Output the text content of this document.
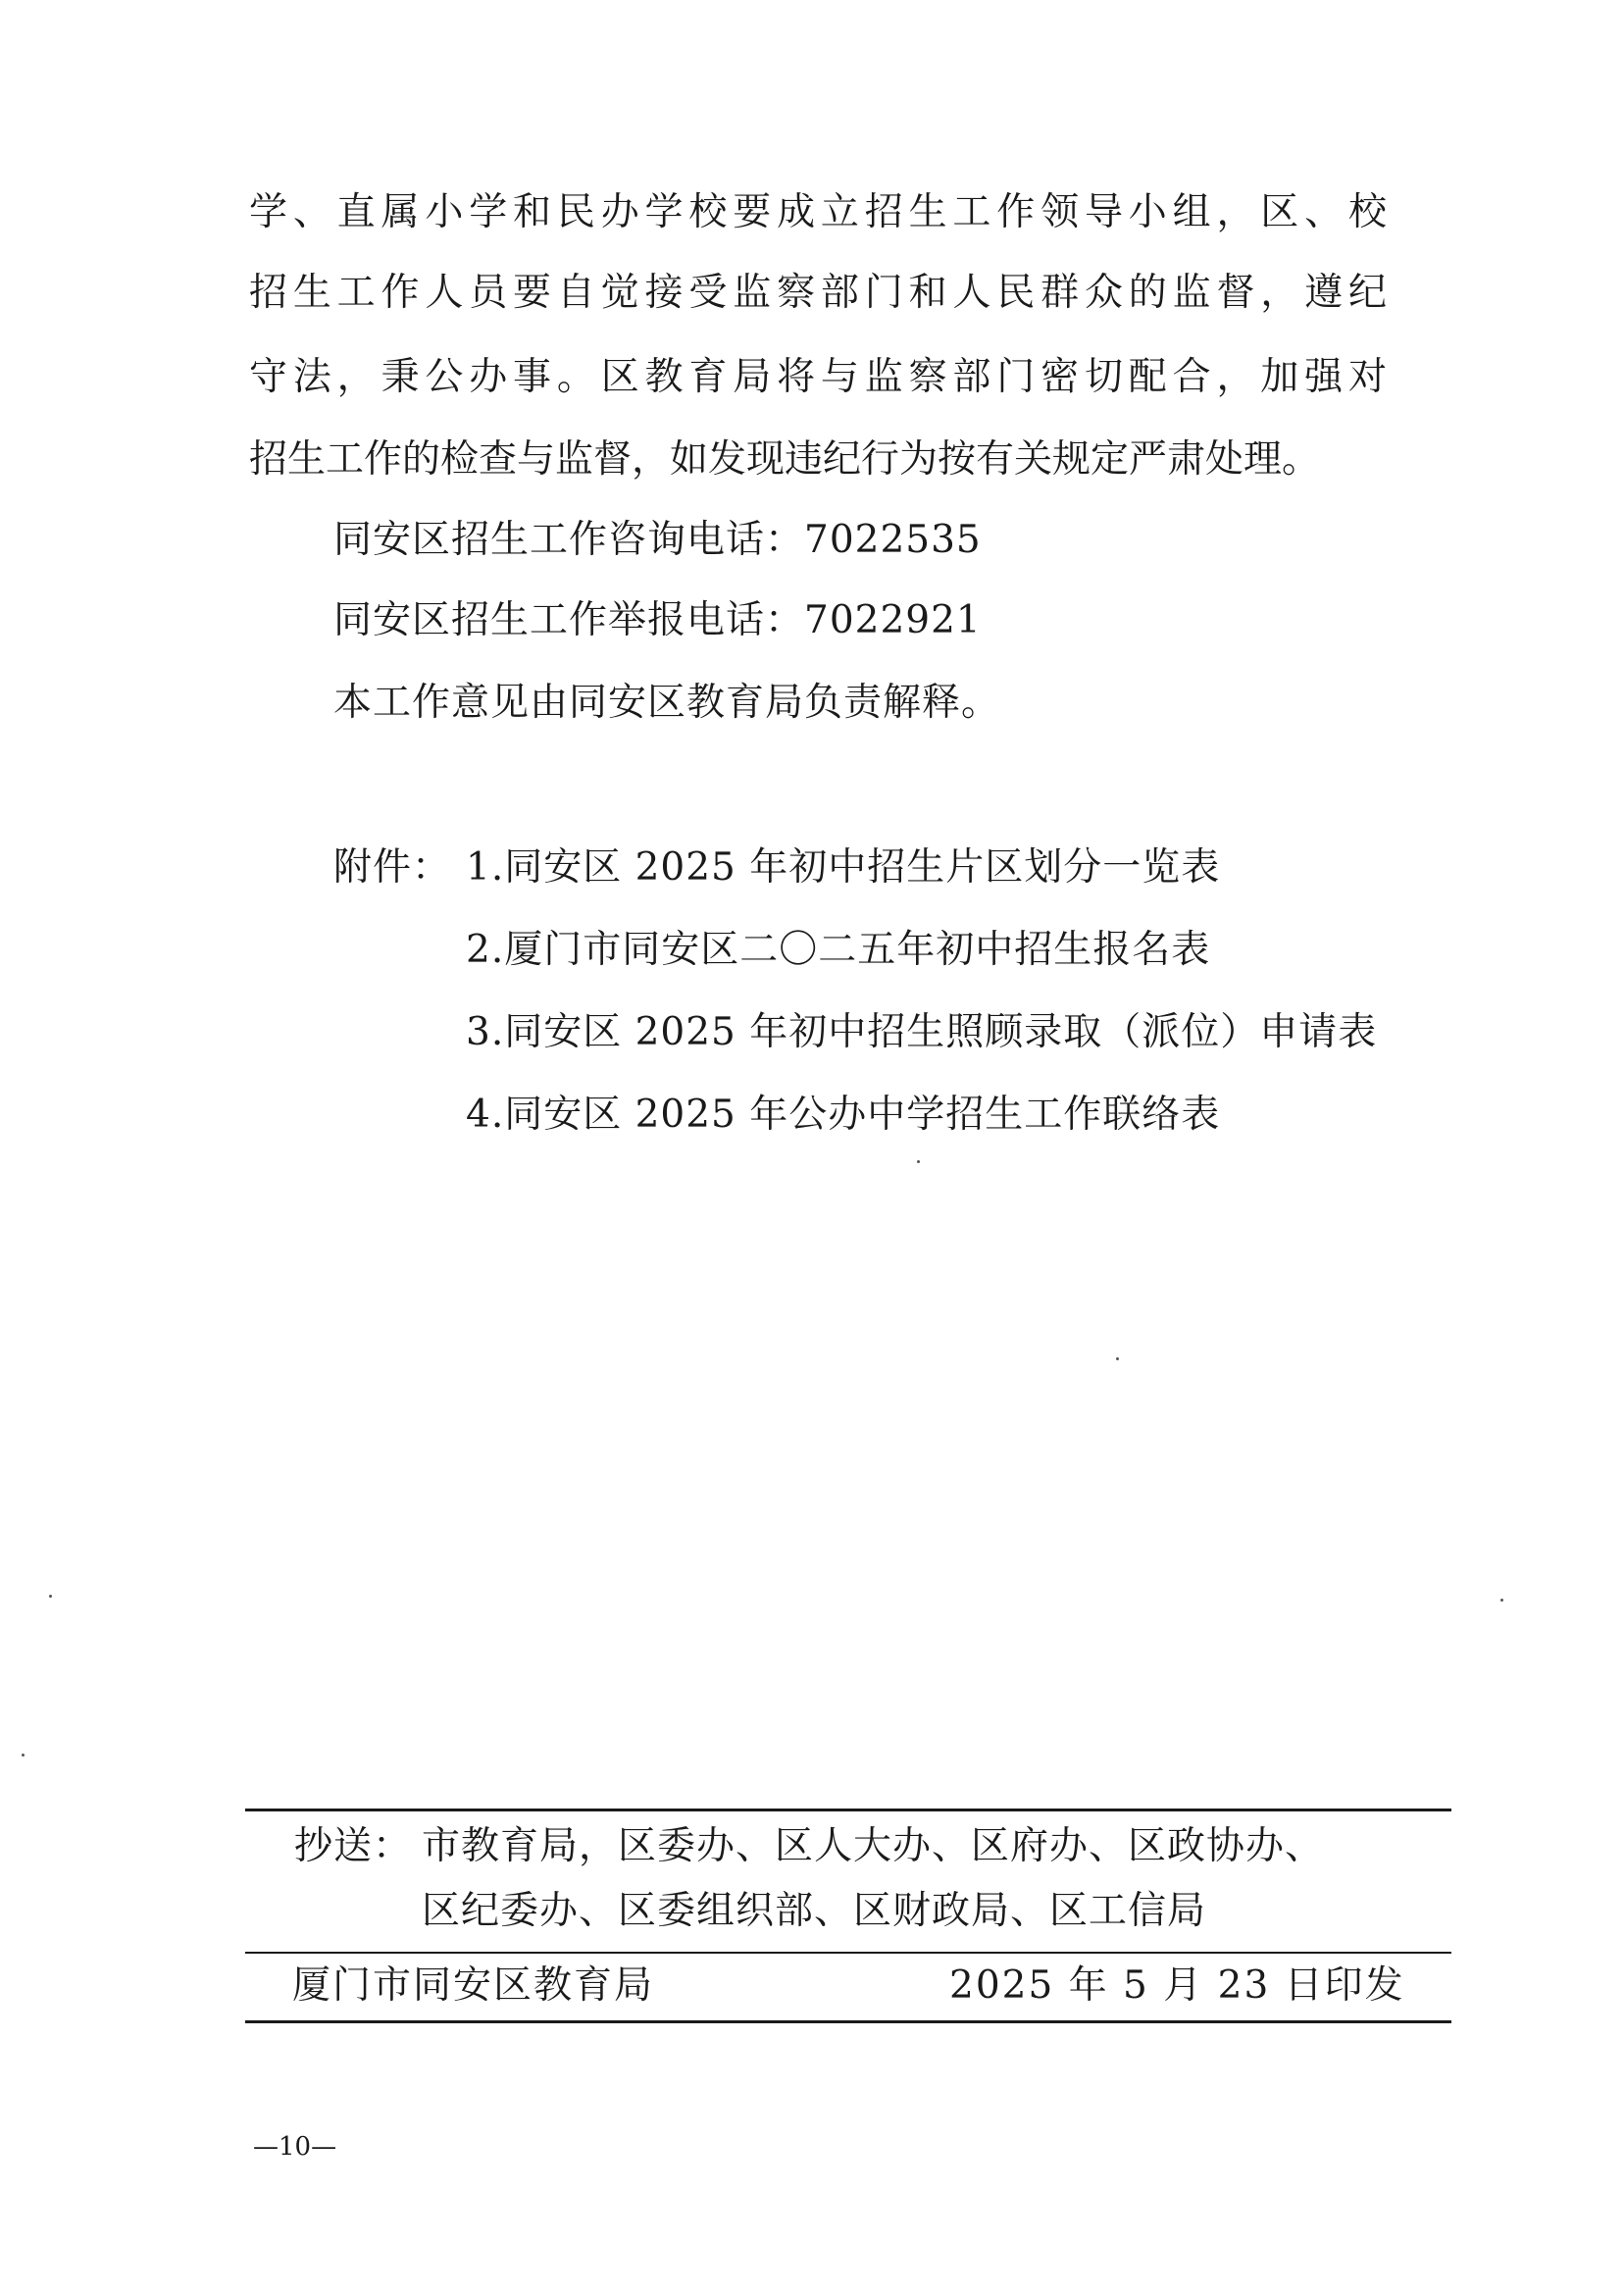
学、直属小学和民办学校要成立招生工作领导小组，区、校
招生工作人员要自觉接受监察部门和人民群众的监督，遵纪
守法，秉公办事。区教育局将与监察部门密切配合，加强对
招生工作的检查与监督，如发现违纪行为按有关规定严肃处理。
同安区招生工作咨询电话：7022535
同安区招生工作举报电话：7022921
本工作意见由同安区教育局负责解释。
附件： 1.同安区 2025 年初中招生片区划分一览表
2.厦门市同安区二〇二五年初中招生报名表
3.同安区 2025 年初中招生照顾录取（派位）申请表
4.同安区 2025 年公办中学招生工作联络表
抄送： 市教育局，区委办、区人大办、区府办、区政协办、
区纪委办、区委组织部、区财政局、区工信局
厦门市同安区教育局	2025 年 5 月 23 日印发
—10—
